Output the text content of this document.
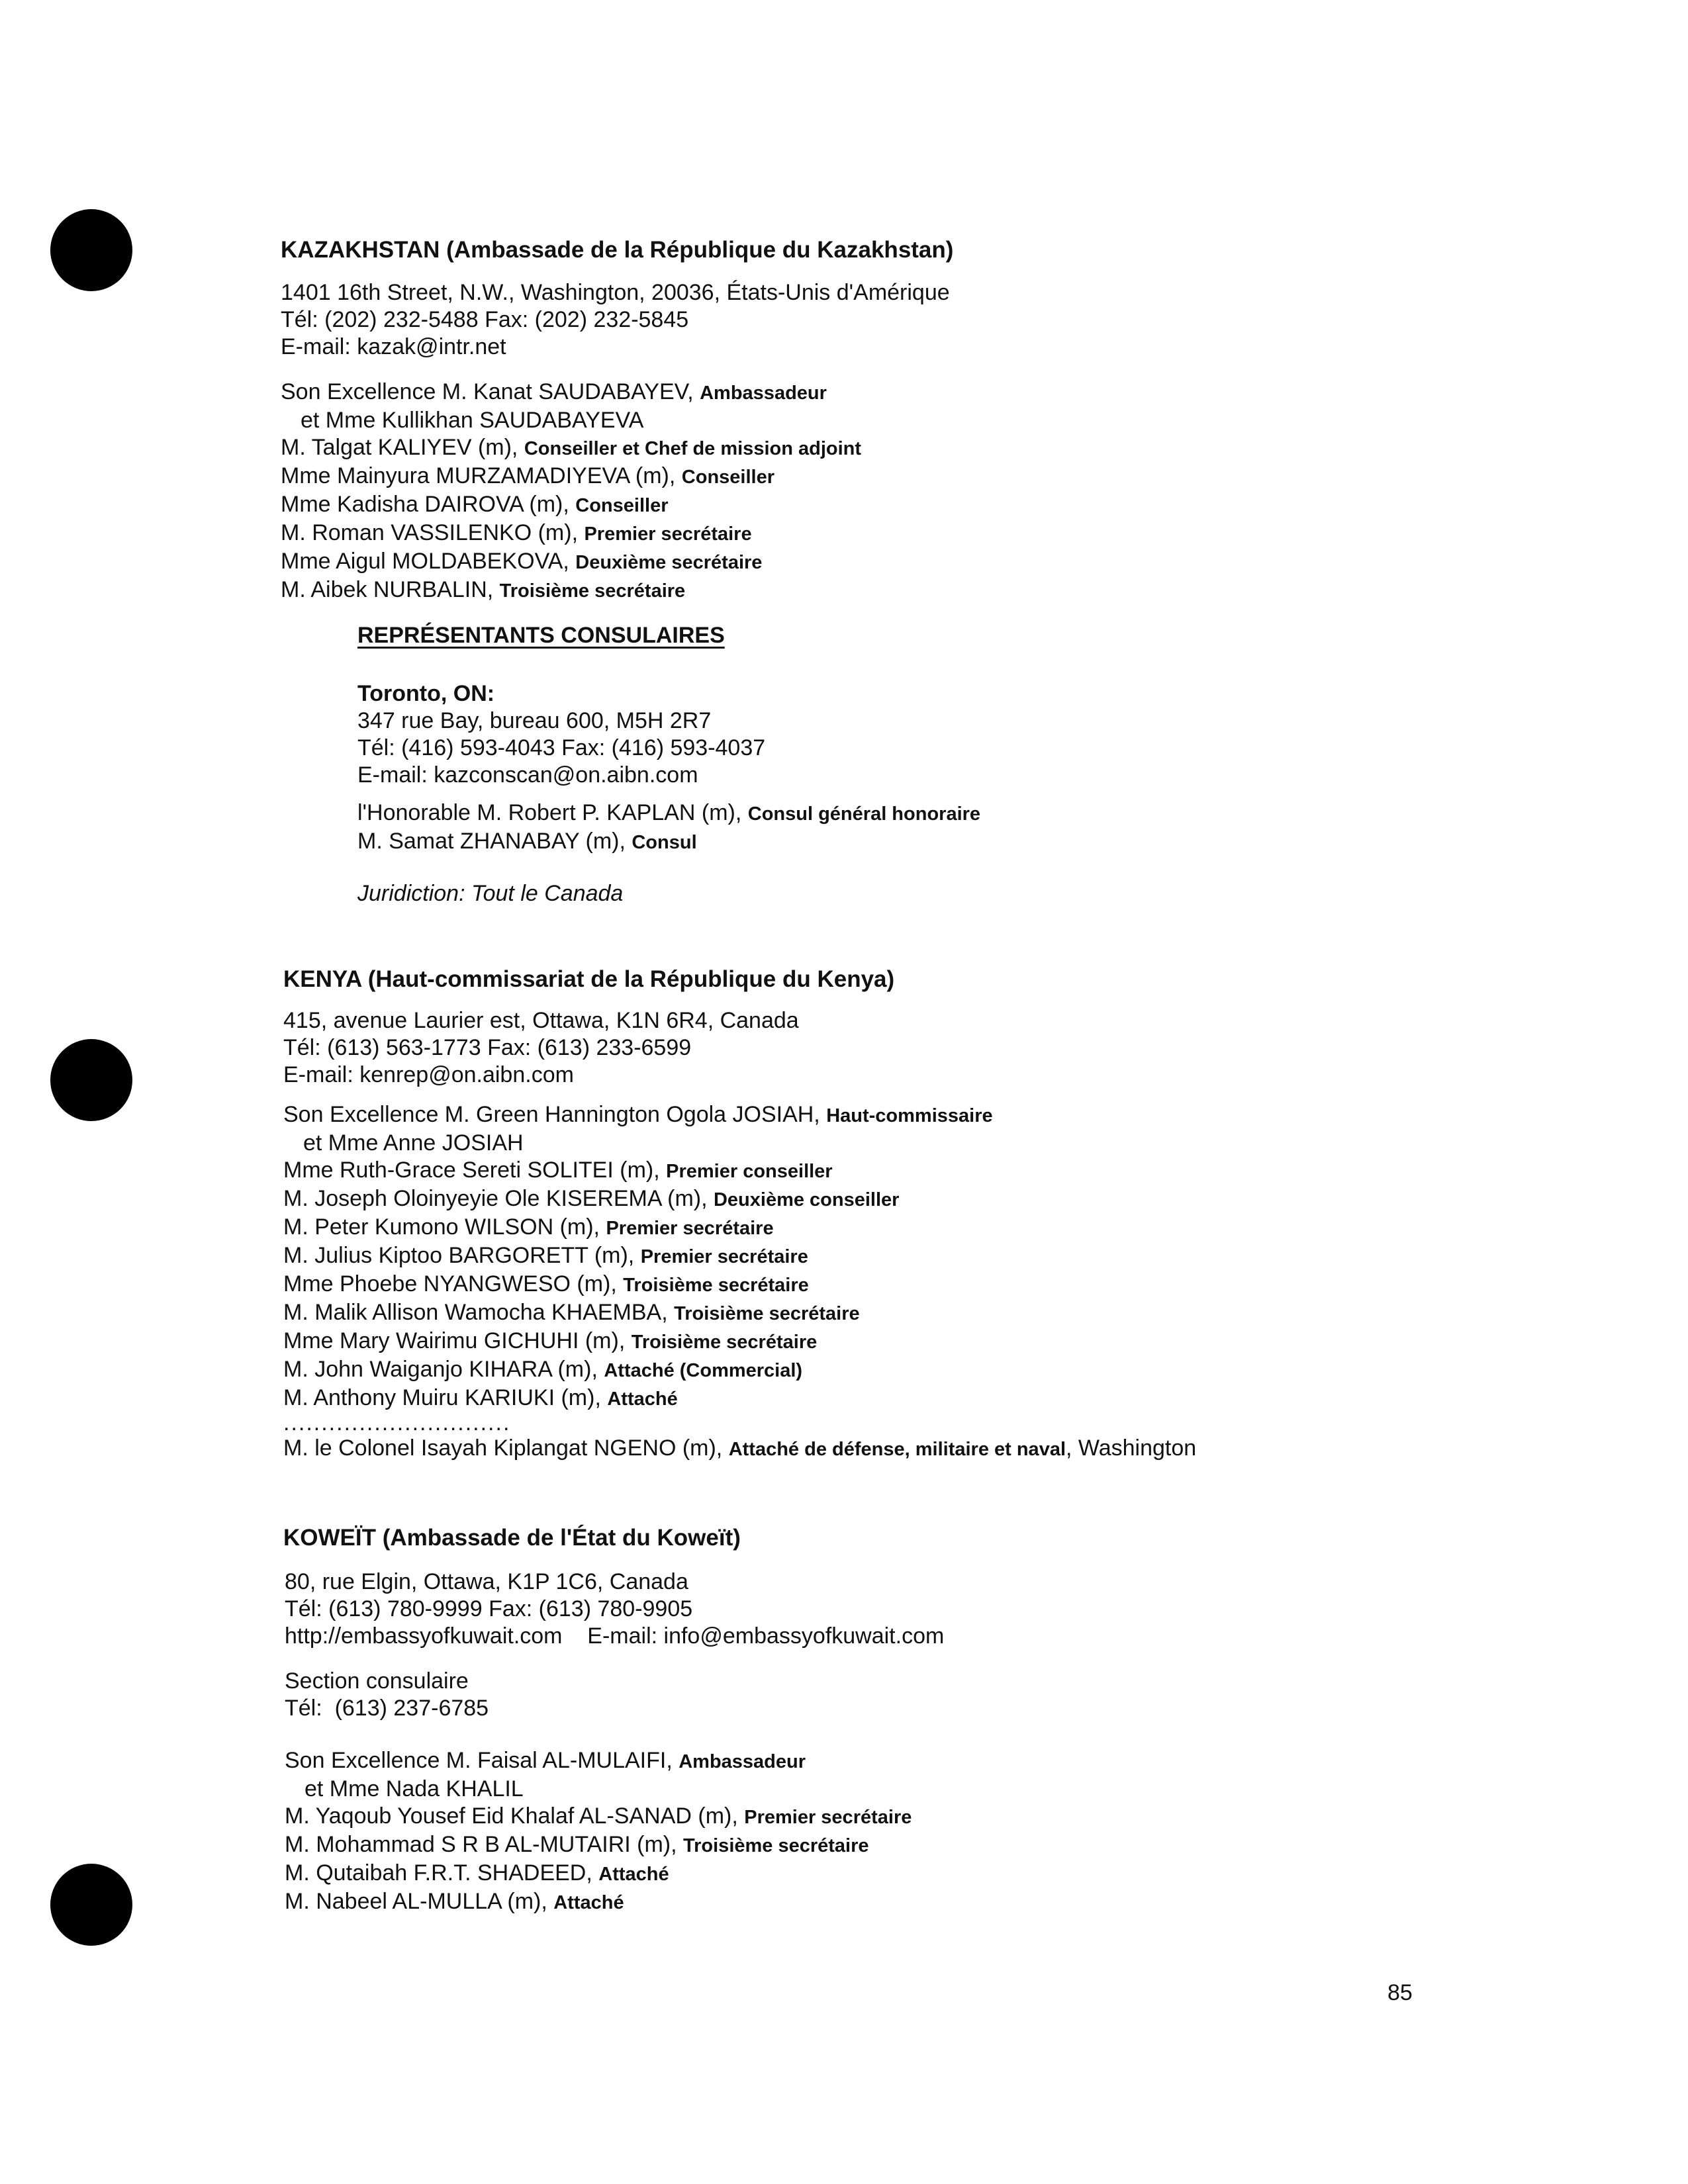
KAZAKHSTAN (Ambassade de la République du Kazakhstan)
1401 16th Street, N.W., Washington, 20036, États-Unis d'Amérique
Tél: (202) 232-5488 Fax: (202) 232-5845
E-mail: kazak@intr.net
Son Excellence M. Kanat SAUDABAYEV, Ambassadeur
et Mme Kullikhan SAUDABAYEVA
M. Talgat KALIYEV (m), Conseiller et Chef de mission adjoint
Mme Mainyura MURZAMADIYEVA (m), Conseiller
Mme Kadisha DAIROVA (m), Conseiller
M. Roman VASSILENKO (m), Premier secrétaire
Mme Aigul MOLDABEKOVA, Deuxième secrétaire
M. Aibek NURBALIN, Troisième secrétaire
REPRÉSENTANTS CONSULAIRES
Toronto, ON:
347 rue Bay, bureau 600, M5H 2R7
Tél: (416) 593-4043 Fax: (416) 593-4037
E-mail: kazconscan@on.aibn.com
l'Honorable M. Robert P. KAPLAN (m), Consul général honoraire
M. Samat ZHANABAY (m), Consul
Juridiction: Tout le Canada
KENYA (Haut-commissariat de la République du Kenya)
415, avenue Laurier est, Ottawa, K1N 6R4, Canada
Tél: (613) 563-1773 Fax: (613) 233-6599
E-mail: kenrep@on.aibn.com
Son Excellence M. Green Hannington Ogola JOSIAH, Haut-commissaire
et Mme Anne JOSIAH
Mme Ruth-Grace Sereti SOLITEI (m), Premier conseiller
M. Joseph Oloinyeyie Ole KISEREMA (m), Deuxième conseiller
M. Peter Kumono WILSON (m), Premier secrétaire
M. Julius Kiptoo BARGORETT (m), Premier secrétaire
Mme Phoebe NYANGWESO (m), Troisième secrétaire
M. Malik Allison Wamocha KHAEMBA, Troisième secrétaire
Mme Mary Wairimu GICHUHI (m), Troisième secrétaire
M. John Waiganjo KIHARA (m), Attaché (Commercial)
M. Anthony Muiru KARIUKI (m), Attaché
..............................
M. le Colonel Isayah Kiplangat NGENO (m), Attaché de défense, militaire et naval, Washington
KOWEÏT (Ambassade de l'État du Koweït)
80, rue Elgin, Ottawa, K1P 1C6, Canada
Tél: (613) 780-9999 Fax: (613) 780-9905
http://embassyofkuwait.com    E-mail: info@embassyofkuwait.com
Section consulaire
Tél:  (613) 237-6785
Son Excellence M. Faisal AL-MULAIFI, Ambassadeur
et Mme Nada KHALIL
M. Yaqoub Yousef Eid Khalaf AL-SANAD (m), Premier secrétaire
M. Mohammad S R B AL-MUTAIRI (m), Troisième secrétaire
M. Qutaibah F.R.T. SHADEED, Attaché
M. Nabeel AL-MULLA (m), Attaché
85
